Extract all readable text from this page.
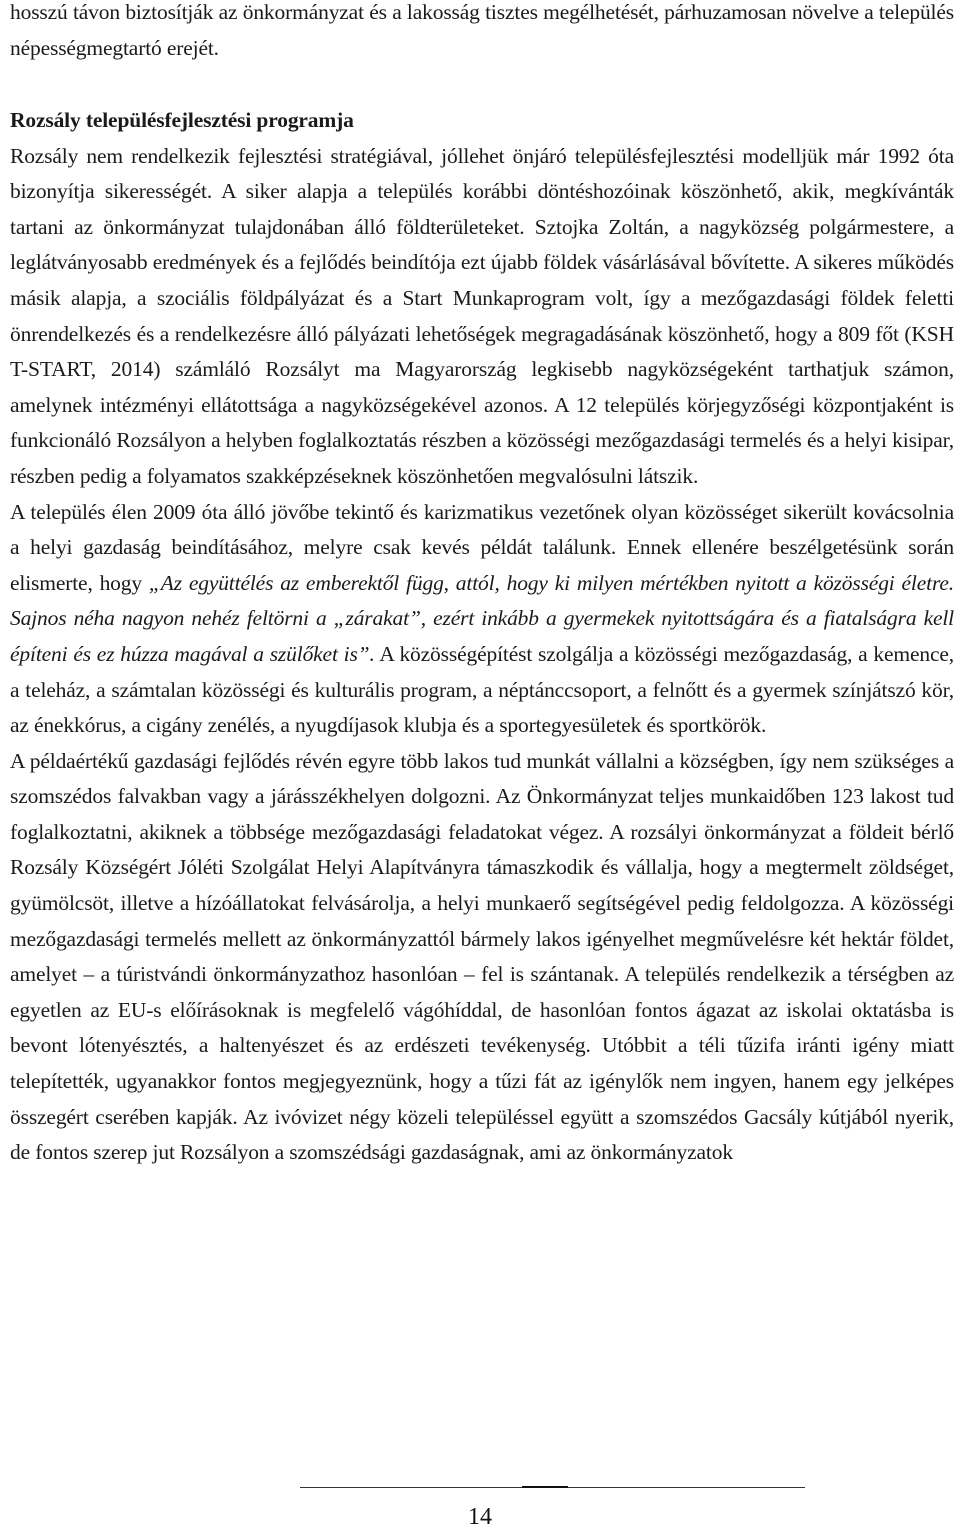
hosszú távon biztosítják az önkormányzat és a lakosság tisztes megélhetését, párhuzamosan növelve a település népességmegtartó erejét.

Rozsály településfejlesztési programja

Rozsály nem rendelkezik fejlesztési stratégiával, jóllehet önjáró településfejlesztési modelljük már 1992 óta bizonyítja sikerességét. A siker alapja a település korábbi döntéshozóinak köszönhető, akik, megkívánták tartani az önkormányzat tulajdonában álló földterületeket. Sztojka Zoltán, a nagyközség polgármestere, a leglátványosabb eredmények és a fejlődés beindítója ezt újabb földek vásárlásával bővítette. A sikeres működés másik alapja, a szociális földpályázat és a Start Munkaprogram volt, így a mezőgazdasági földek feletti önrendelkezés és a rendelkezésre álló pályázati lehetőségek megragadásának köszönhető, hogy a 809 főt (KSH T-START, 2014) számláló Rozsályt ma Magyarország legkisebb nagyközségeként tarthatjuk számon, amelynek intézményi ellátottsága a nagyközségekével azonos. A 12 település körjegyzőségi központjaként is funkcionáló Rozsályon a helyben foglalkoztatás részben a közösségi mezőgazdasági termelés és a helyi kisipar, részben pedig a folyamatos szakképzéseknek köszönhetően megvalósulni látszik.

A település élen 2009 óta álló jövőbe tekintő és karizmatikus vezetőnek olyan közösséget sikerült kovácsolnia a helyi gazdaság beindításához, melyre csak kevés példát találunk. Ennek ellenére beszélgetésünk során elismerte, hogy „Az együttélés az emberektől függ, attól, hogy ki milyen mértékben nyitott a közösségi életre. Sajnos néha nagyon nehéz feltörni a „zárakat”, ezért inkább a gyermekek nyitottságára és a fiatalságra kell építeni és ez húzza magával a szülőket is”. A közösségépítést szolgálja a közösségi mezőgazdaság, a kemence, a teleház, a számtalan közösségi és kulturális program, a néptánccsoport, a felnőtt és a gyermek színjátszó kör, az énekkórus, a cigány zenélés, a nyugdíjasok klubja és a sportegyesületek és sportkörök.

A példaértékű gazdasági fejlődés révén egyre több lakos tud munkát vállalni a községben, így nem szükséges a szomszédos falvakban vagy a járásszékhelyen dolgozni. Az Önkormányzat teljes munkaidőben 123 lakost tud foglalkoztatni, akiknek a többsége mezőgazdasági feladatokat végez. A rozsályi önkormányzat a földeit bérlő Rozsály Községért Jóléti Szolgálat Helyi Alapítványra támaszkodik és vállalja, hogy a megtermelt zöldséget, gyümölcsöt, illetve a hízóállatokat felvásárolja, a helyi munkaerő segítségével pedig feldolgozza. A közösségi mezőgazdasági termelés mellett az önkormányzattól bármely lakos igényelhet megművelésre két hektár földet, amelyet – a túristvándi önkormányzathoz hasonlóan – fel is szántanak. A település rendelkezik a térségben az egyetlen az EU-s előírásoknak is megfelelő vágóhíddal, de hasonlóan fontos ágazat az iskolai oktatásba is bevont lótenyésztés, a haltenyészet és az erdészeti tevékenység. Utóbbit a téli tűzifa iránti igény miatt telepítették, ugyanakkor fontos megjegyeznünk, hogy a tűzi fát az igénylők nem ingyen, hanem egy jelképes összegért cserében kapják. Az ivóvizet négy közeli településsel együtt a szomszédos Gacsály kútjából nyerik, de fontos szerep jut Rozsályon a szomszédsági gazdaságnak, ami az önkormányzatok

14
